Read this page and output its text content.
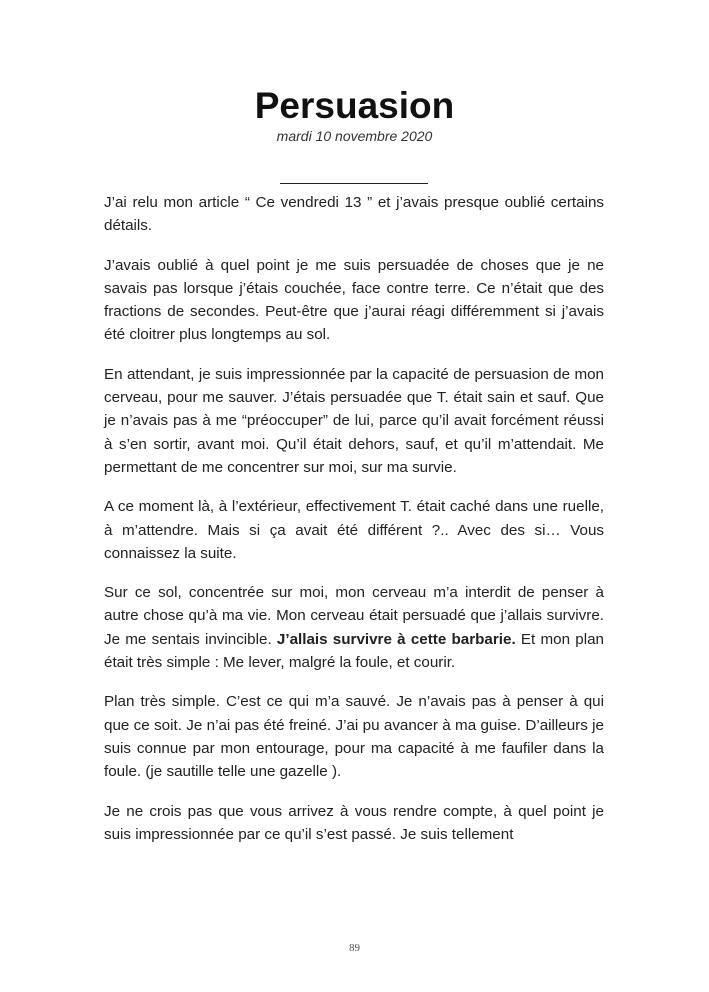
Persuasion
mardi 10 novembre 2020

J’ai relu mon article “ Ce vendredi 13 ” et j’avais presque oublié certains détails.

J’avais oublié à quel point je me suis persuadée de choses que je ne savais pas lorsque j’étais couchée, face contre terre. Ce n’était que des fractions de secondes. Peut-être que j’aurai réagi différemment si j’avais été cloitrer plus longtemps au sol.

En attendant, je suis impressionnée par la capacité de persuasion de mon cerveau, pour me sauver. J’étais persuadée que T. était sain et sauf. Que je n’avais pas à me “préoccuper” de lui, parce qu’il avait forcément réussi à s’en sortir, avant moi. Qu’il était dehors, sauf, et qu’il m’attendait. Me permettant de me concentrer sur moi, sur ma survie.

A ce moment là, à l’extérieur, effectivement T. était caché dans une ruelle, à m’attendre. Mais si ça avait été différent ?.. Avec des si… Vous connaissez la suite.

Sur ce sol, concentrée sur moi, mon cerveau m’a interdit de penser à autre chose qu’à ma vie. Mon cerveau était persuadé que j’allais survivre. Je me sentais invincible. J’allais survivre à cette barbarie. Et mon plan était très simple : Me lever, malgré la foule, et courir.

Plan très simple. C’est ce qui m’a sauvé. Je n’avais pas à penser à qui que ce soit. Je n’ai pas été freiné. J’ai pu avancer à ma guise. D’ailleurs je suis connue par mon entourage, pour ma capacité à me faufiler dans la foule. (je sautille telle une gazelle ).

Je ne crois pas que vous arrivez à vous rendre compte, à quel point je suis impressionnée par ce qu’il s’est passé. Je suis tellement

89
